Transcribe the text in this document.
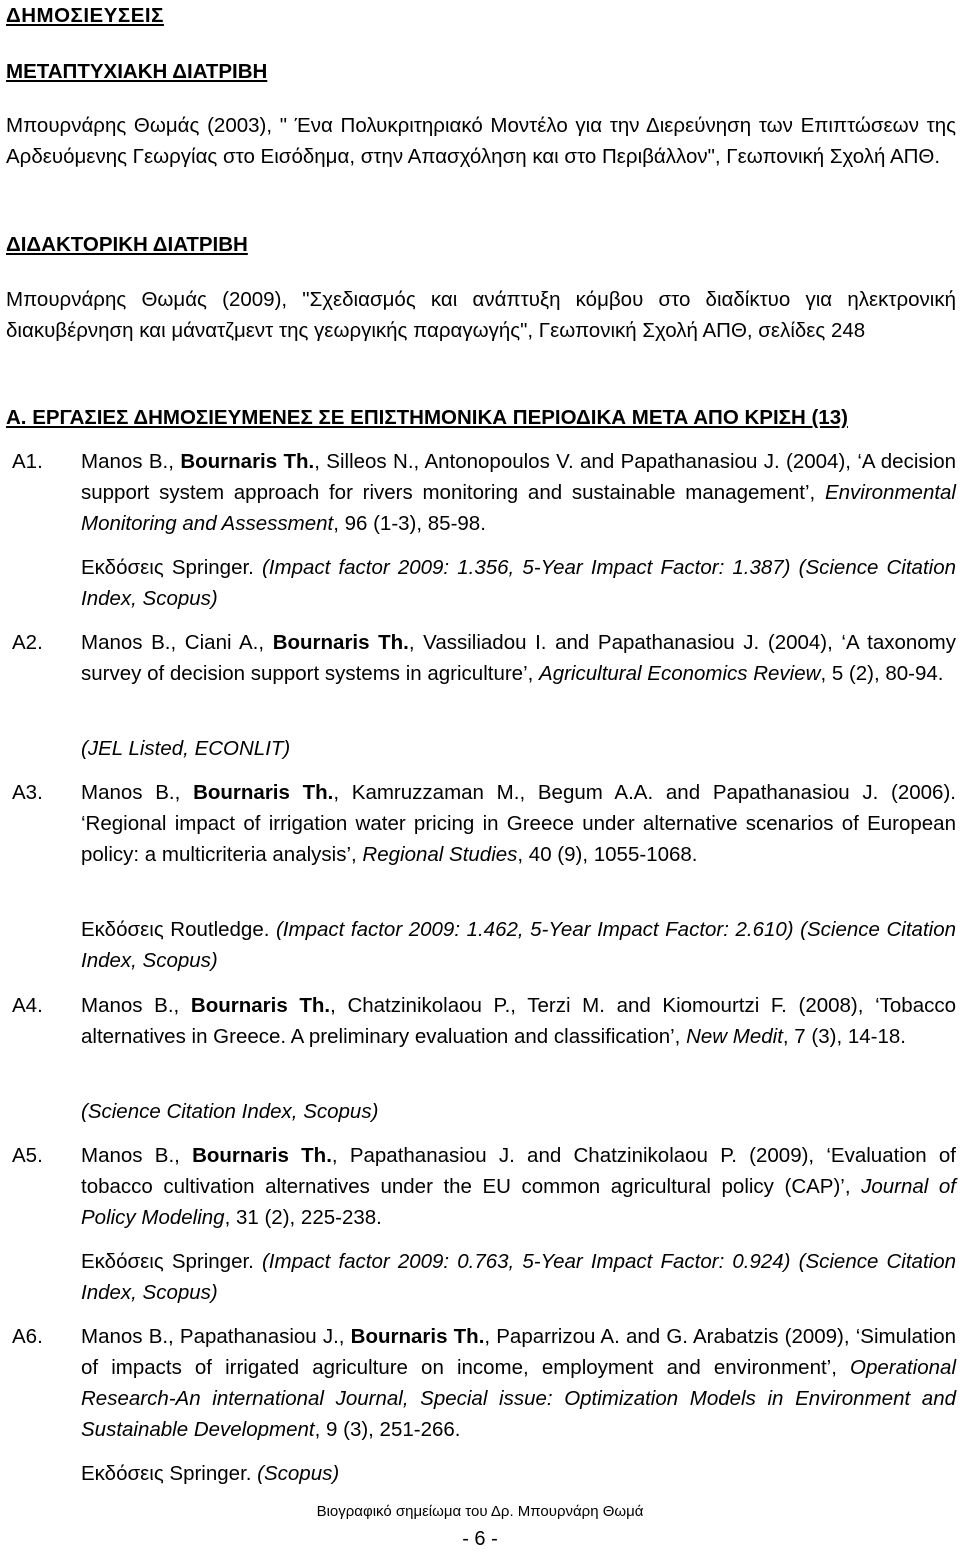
ΔΗΜΟΣΙΕΥΣΕΙΣ

ΜΕΤΑΠΤΥΧΙΑΚΗ ΔΙΑΤΡΙΒΗ

Μπουρνάρης Θωμάς (2003), " Ένα Πολυκριτηριακό Μοντέλο για την Διερεύνηση των Επιπτώσεων της Αρδευόμενης Γεωργίας στο Εισόδημα, στην Απασχόληση και στο Περιβάλλον", Γεωπονική Σχολή ΑΠΘ.

ΔΙΔΑΚΤΟΡΙΚΗ ΔΙΑΤΡΙΒΗ

Μπουρνάρης Θωμάς (2009), "Σχεδιασμός και ανάπτυξη κόμβου στο διαδίκτυο για ηλεκτρονική διακυβέρνηση και μάνατζμεντ της γεωργικής παραγωγής", Γεωπονική Σχολή ΑΠΘ, σελίδες 248

Α. ΕΡΓΑΣΙΕΣ ΔΗΜΟΣΙΕΥΜΕΝΕΣ ΣΕ ΕΠΙΣΤΗΜΟΝΙΚΑ ΠΕΡΙΟΔΙΚΑ ΜΕΤΑ ΑΠΟ ΚΡΙΣΗ (13)

Α1. Manos B., Bournaris Th., Silleos N., Antonopoulos V. and Papathanasiou J. (2004), ‘A decision support system approach for rivers monitoring and sustainable management’, Environmental Monitoring and Assessment, 96 (1-3), 85-98.

Εκδόσεις Springer. (Impact factor 2009: 1.356, 5-Year Impact Factor: 1.387) (Science Citation Index, Scopus)

Α2. Manos B., Ciani A., Bournaris Th., Vassiliadou I. and Papathanasiou J. (2004), ‘A taxonomy survey of decision support systems in agriculture’, Agricultural Economics Review, 5 (2), 80-94.

(JEL Listed, ECONLIT)

Α3. Manos B., Bournaris Th., Kamruzzaman M., Begum A.A. and Papathanasiou J. (2006). ‘Regional impact of irrigation water pricing in Greece under alternative scenarios of European policy: a multicriteria analysis’, Regional Studies, 40 (9), 1055-1068.

Εκδόσεις Routledge. (Impact factor 2009: 1.462, 5-Year Impact Factor: 2.610) (Science Citation Index, Scopus)

Α4. Manos B., Bournaris Th., Chatzinikolaou P., Terzi M. and Kiomourtzi F. (2008), ‘Tobacco alternatives in Greece. A preliminary evaluation and classification’, New Medit, 7 (3), 14-18.

(Science Citation Index, Scopus)

Α5. Manos B., Bournaris Th., Papathanasiou J. and Chatzinikolaou P. (2009), ‘Evaluation of tobacco cultivation alternatives under the EU common agricultural policy (CAP)’, Journal of Policy Modeling, 31 (2), 225-238.

Εκδόσεις Springer. (Impact factor 2009: 0.763, 5-Year Impact Factor: 0.924) (Science Citation Index, Scopus)

Α6. Manos B., Papathanasiou J., Bournaris Th., Paparrizou A. and G. Arabatzis (2009), ‘Simulation of impacts of irrigated agriculture on income, employment and environment’, Operational Research-An international Journal, Special issue: Optimization Models in Environment and Sustainable Development, 9 (3), 251-266.

Εκδόσεις Springer. (Scopus)

Βιογραφικό σημείωμα του Δρ. Μπουρνάρη Θωμά
- 6 -
